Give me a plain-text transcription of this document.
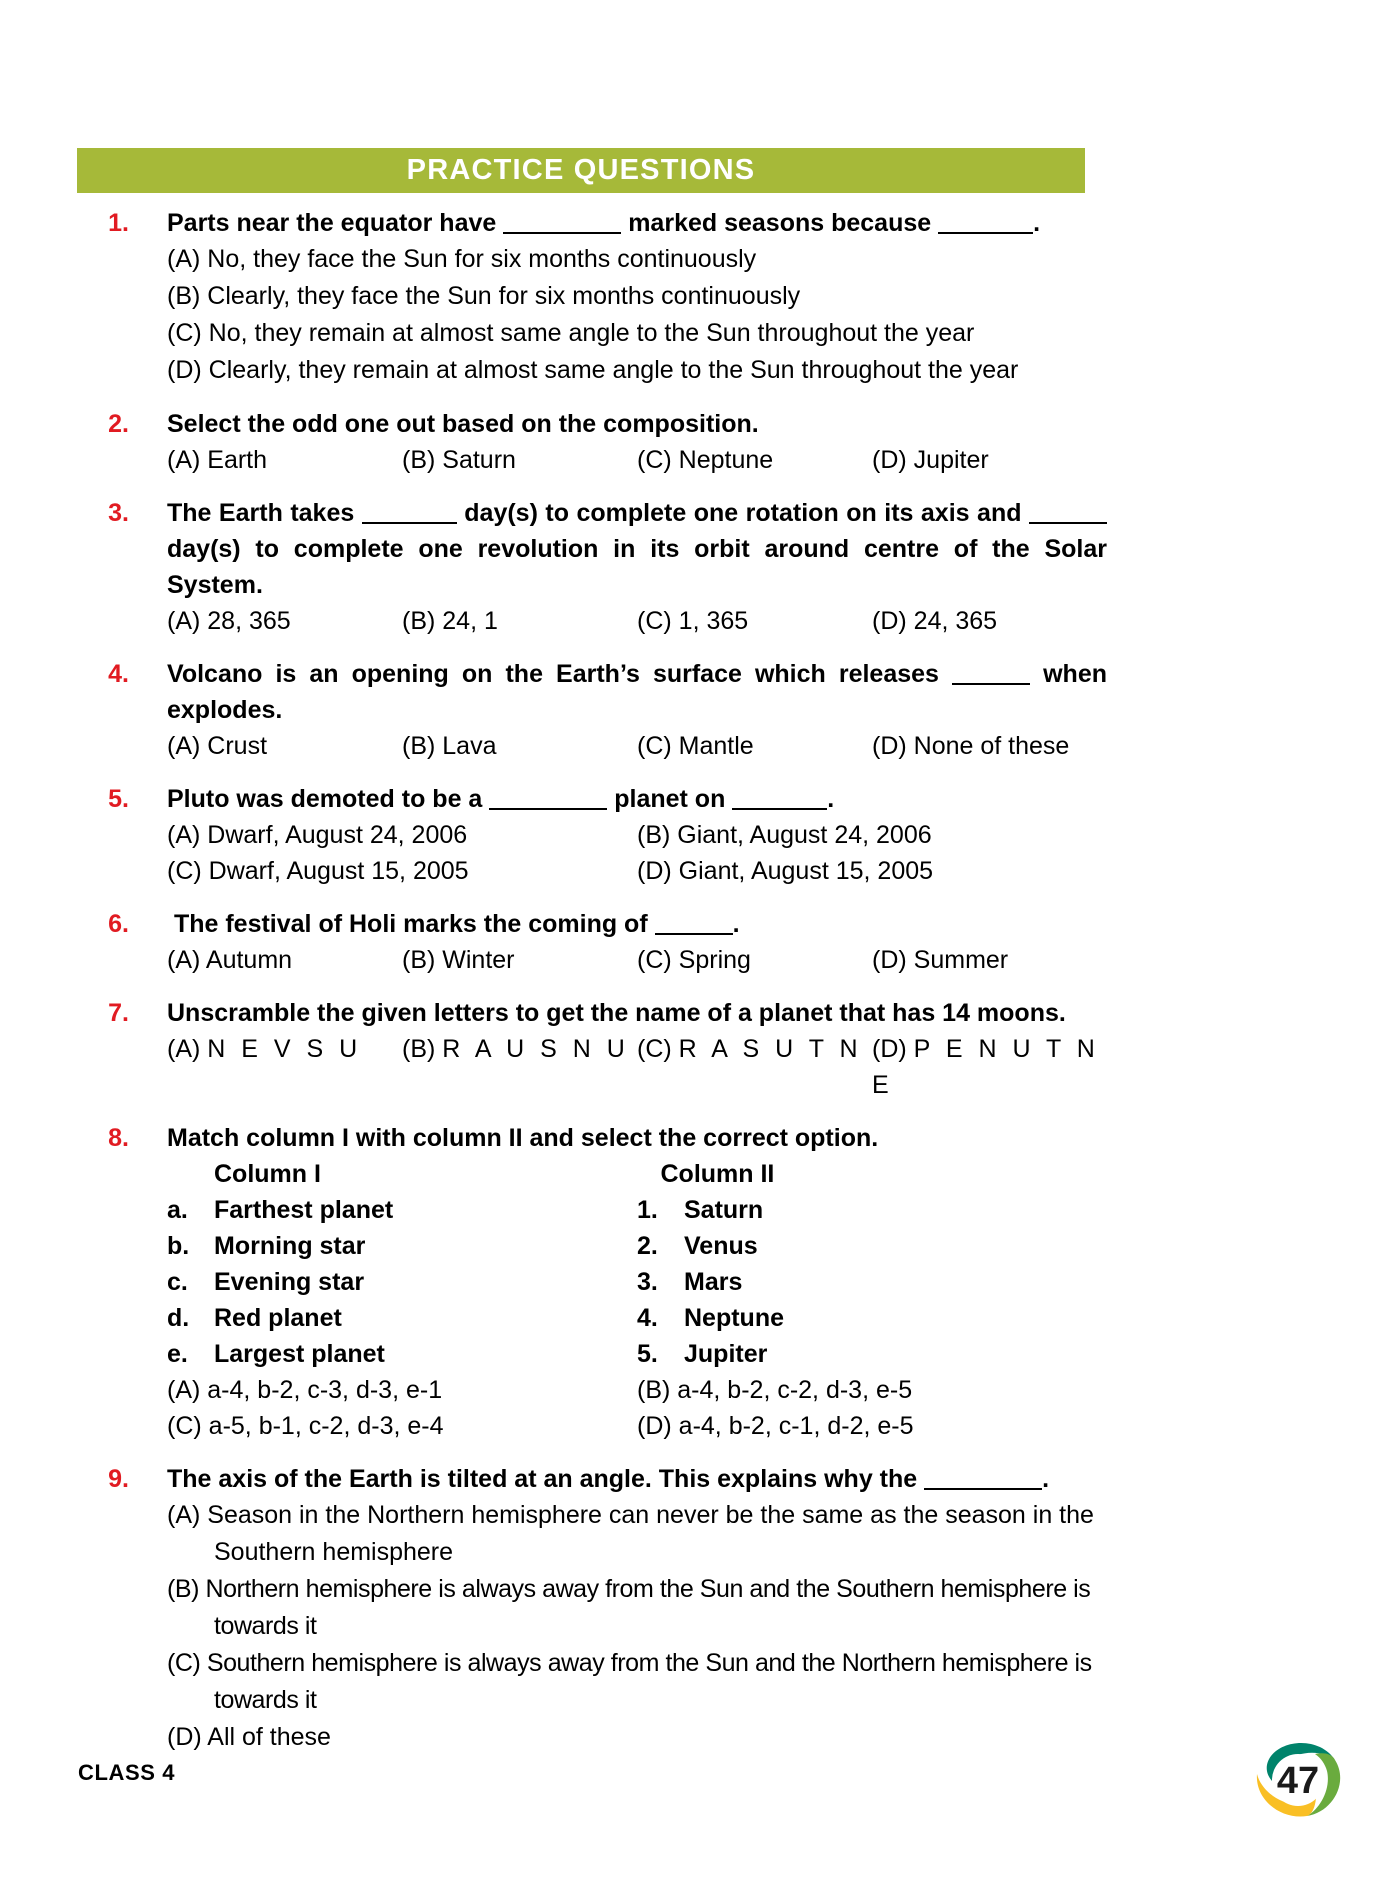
PRACTICE QUESTIONS
1. Parts near the equator have	marked seasons because	.
(A) No, they face the Sun for six months continuously
(B) Clearly, they face the Sun for six months continuously
(C) No, they remain at almost same angle to the Sun throughout the year
(D) Clearly, they remain at almost same angle to the Sun throughout the year
2. Select the odd one out based on the composition.
(A) Earth	(B) Saturn	(C) Neptune	(D) Jupiter
3. The Earth takes	day(s) to complete one rotation on its axis and  day(s) to complete one revolution in its orbit around centre of the Solar System.
(A) 28, 365	(B) 24, 1	(C) 1, 365	(D) 24, 365
4. Volcano is an opening on the Earth’s surface which releases	when explodes.
(A) Crust	(B) Lava	(C) Mantle	(D) None of these
5. Pluto was demoted to be a	planet on	.
(A) Dwarf, August 24, 2006	(B) Giant, August 24, 2006
(C) Dwarf, August 15, 2005	(D) Giant, August 15, 2005
6. The festival of Holi marks the coming of	.
(A) Autumn	(B) Winter	(C) Spring	(D) Summer
7. Unscramble the given letters to get the name of a planet that has 14 moons.
(A) N E V S U	(B) R A U S N U (C) R A S U T N (D) P E N U T N E
8. Match column I with column II and select the correct option.
Column I	Column II
a.	Farthest planet	1.	Saturn
b. Morning star	2.	Venus
c.	Evening star	3.	Mars
d. Red planet	4.	Neptune
e.	Largest planet	5.	Jupiter
(A) a-4, b-2, c-3, d-3, e-1	(B) a-4, b-2, c-2, d-3, e-5
(C) a-5, b-1, c-2, d-3, e-4	(D) a-4, b-2, c-1, d-2, e-5
9. The axis of the Earth is tilted at an angle. This explains why the	.
(A) Season in the Northern hemisphere can never be the same as the season in the Southern hemisphere
(B) Northern hemisphere is always away from the Sun and the Southern hemisphere is towards it
(C) Southern hemisphere is always away from the Sun and the Northern hemisphere is towards it
(D) All of these
CLASS 4	47
